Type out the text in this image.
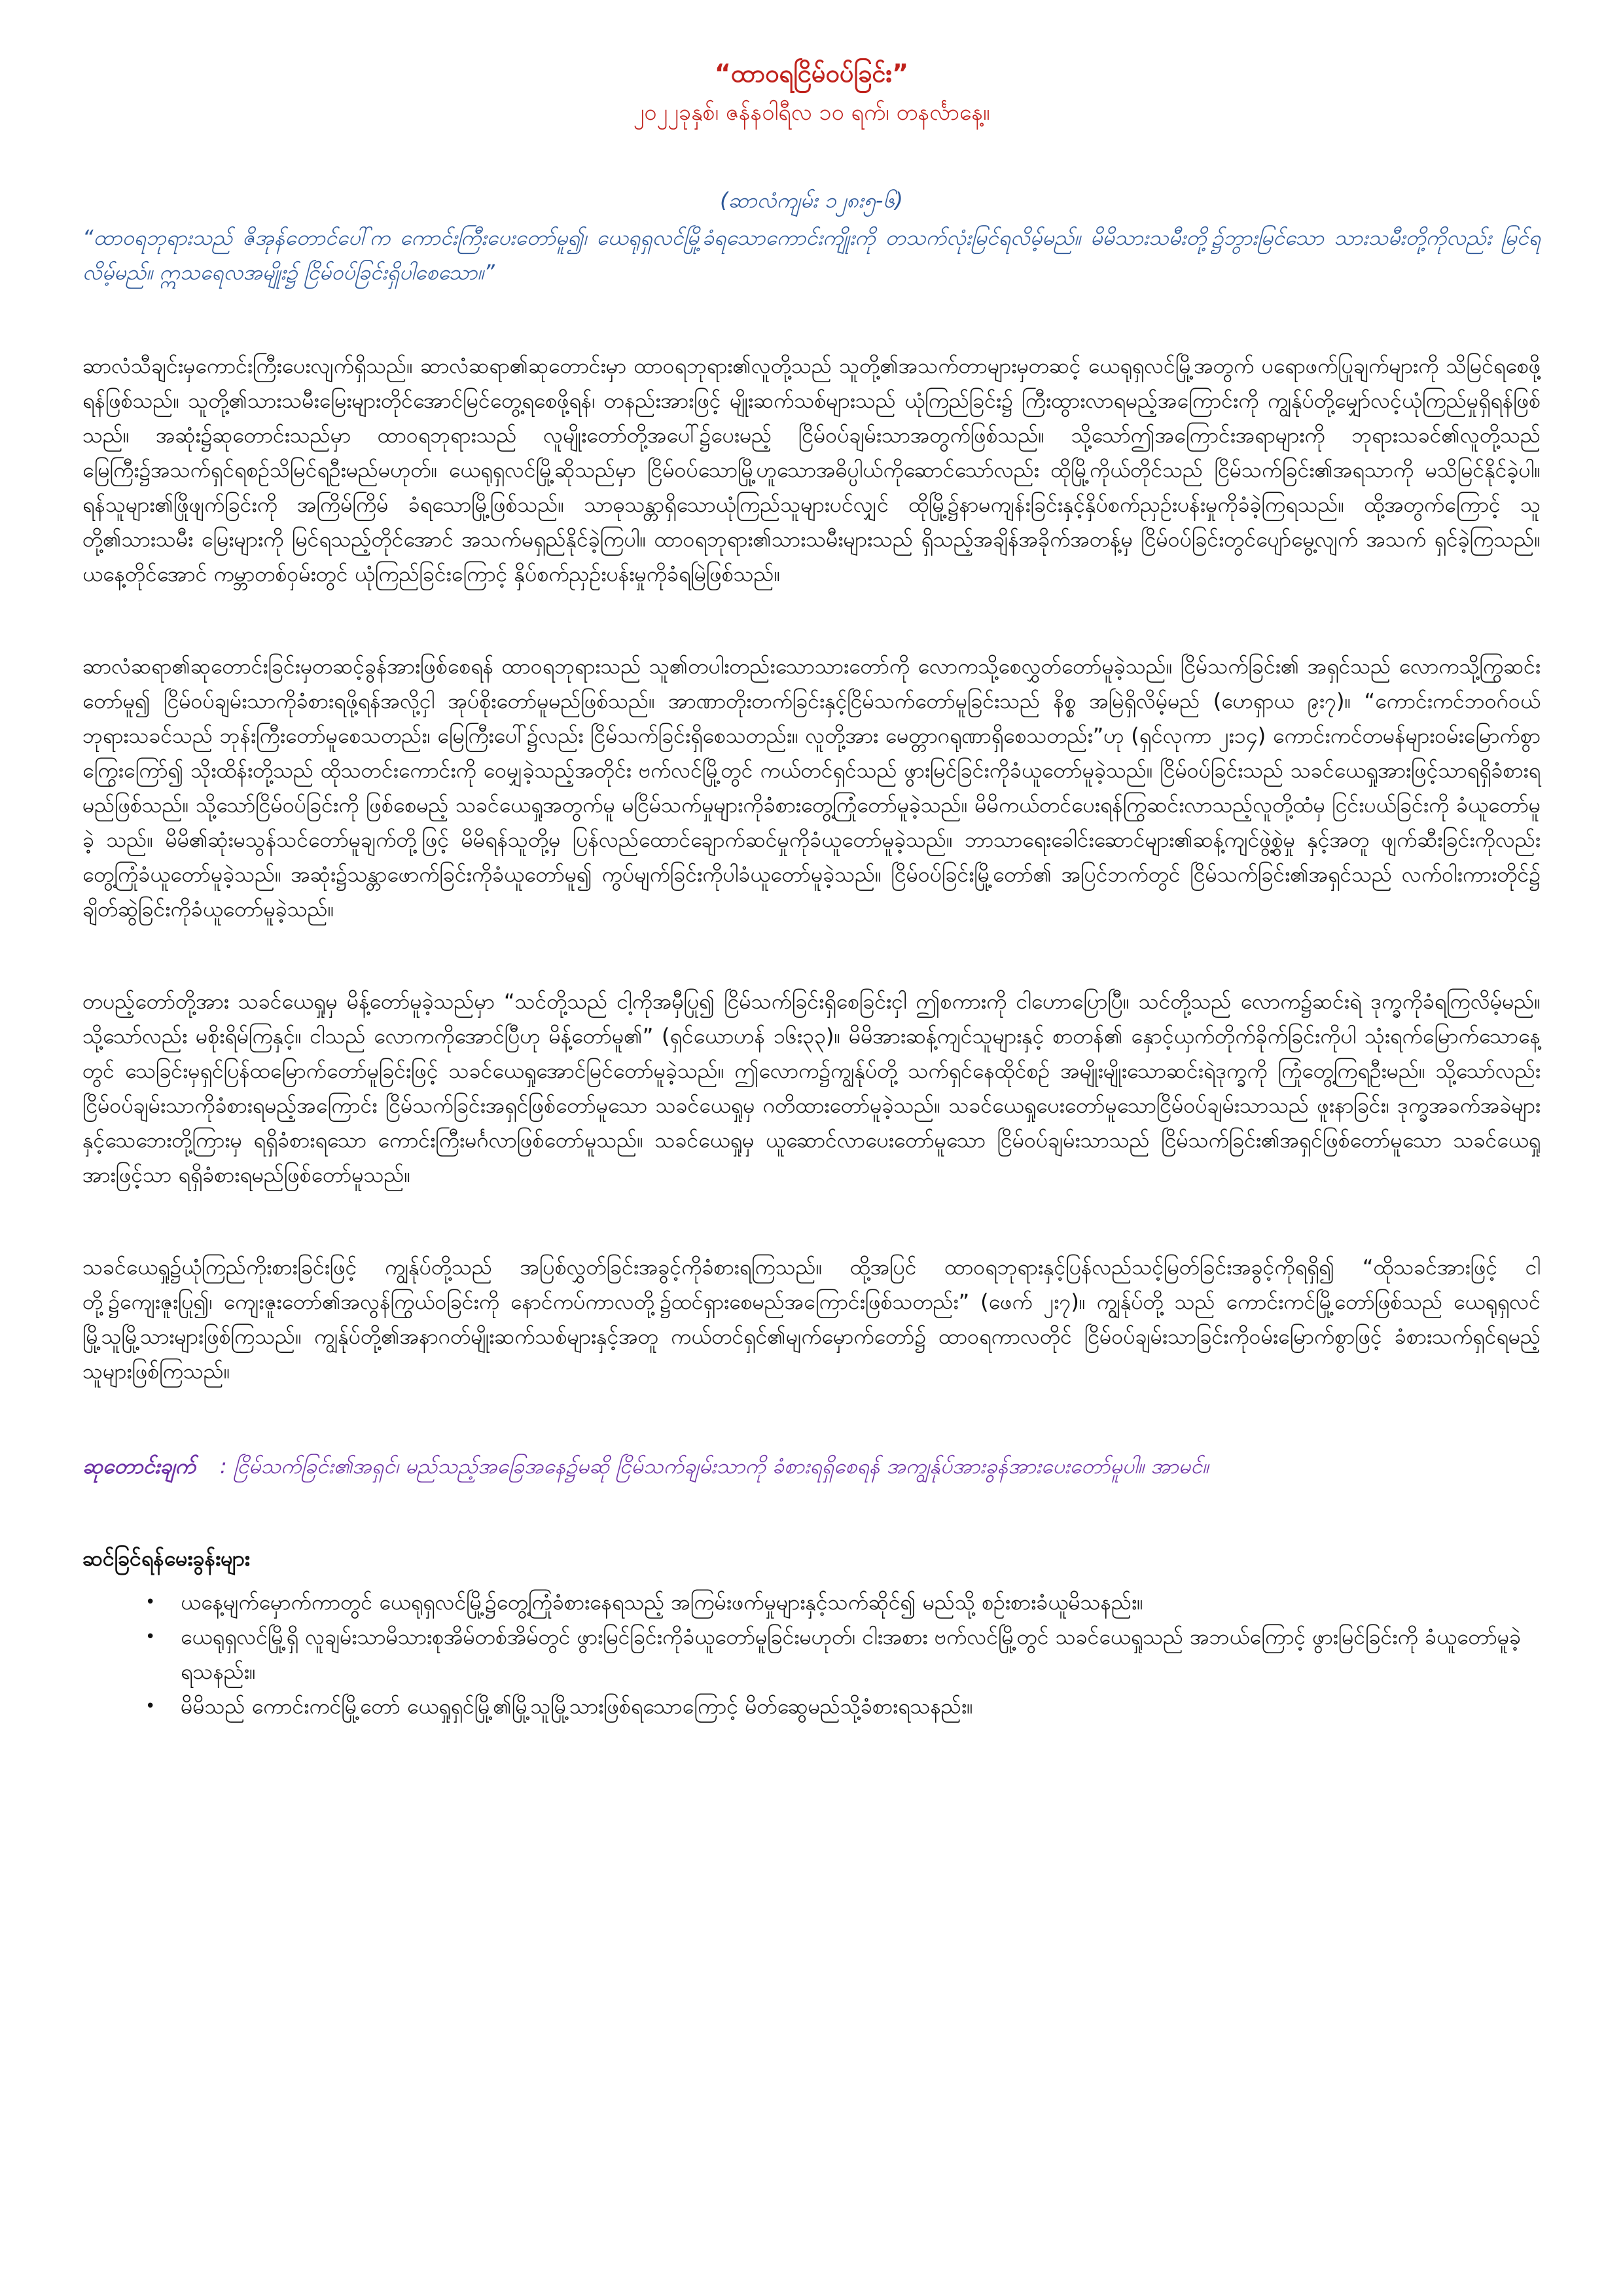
“ထာဝရငြိမ်ဝပ်ခြင်း”

၂၀၂၂ခုနှစ်၊ ဇန်နဝါရီလ ၁၀ ရက်၊ တနင်္လာနေ့။

(ဆာလံကျမ်း ၁၂၈း၅-၆)

“ထာဝရဘုရားသည် ဇိအုန်တောင်ပေါ်က ကောင်းကြီးပေးတော်မူ၍၊ ယေရုရှလင်မြို့ခံရသောကောင်းကျိုးကို တသက်လုံးမြင်ရလိမ့်မည်။ မိမိသားသမီးတို့၌ဘွားမြင်သော သားသမီးတို့ကိုလည်း မြင်ရလိမ့်မည်။ ဣသရေလအမျိုး၌ ငြိမ်ဝပ်ခြင်းရှိပါစေသော။”

ဆာလံသီချင်းမှကောင်းကြီးပေးလျက်ရှိသည်။ ဆာလံဆရာ၏ဆုတောင်းမှာ ထာဝရဘုရား၏လူတို့သည် သူတို့၏အသက်တာများမှတဆင့် ယေရုရှလင်မြို့အတွက် ပရောဖက်ပြုချက်များကို သိမြင်ရစေဖို့ရန်ဖြစ်သည်။ သူတို့၏သားသမီးမြေးများတိုင်အောင်မြင်တွေ့ရစေဖို့ရန်၊ တနည်းအားဖြင့် မျိုးဆက်သစ်များသည် ယုံကြည်ခြင်း၌ ကြီးထွားလာရမည့်အကြောင်းကို ကျွန်ုပ်တို့မျှော်လင့်ယုံကြည်မှုရှိရန်ဖြစ်သည်။ အဆုံး၌ဆုတောင်းသည်မှာ ထာဝရဘုရားသည် လူမျိုးတော်တို့အပေါ်၌ပေးမည့် ငြိမ်ဝပ်ချမ်းသာအတွက်ဖြစ်သည်။ သို့သော်ဤအကြောင်းအရာများကို ဘုရားသခင်၏လူတို့သည် မြေကြီး၌အသက်ရှင်ရစဉ်သိမြင်ရဦးမည်မဟုတ်။ ယေရုရှလင်မြို့ဆိုသည်မှာ ငြိမ်ဝပ်သောမြို့ဟူသောအဓိပ္ပါယ်ကိုဆောင်သော်လည်း ထိုမြို့ကိုယ်တိုင်သည် ငြိမ်သက်ခြင်း၏အရသာကို မသိမြင်နိုင်ခဲ့ပါ။ ရန်သူများ၏ဖြိုဖျက်ခြင်းကို အကြိမ်ကြိမ် ခံရသောမြို့ဖြစ်သည်။ သာဓုသန္တာရှိသောယုံကြည်သူများပင်လျှင် ထိုမြို့၌နာမကျန်းခြင်းနှင့်နှိပ်စက်ညှဉ်းပန်းမှုကိုခံခဲ့ကြရသည်။ ထို့အတွက်ကြောင့် သူတို့၏သားသမီး မြေးများကို မြင်ရသည့်တိုင်အောင် အသက်မရှည်နိုင်ခဲ့ကြပါ။ ထာဝရဘုရား၏သားသမီးများသည် ရှိသည့်အချိန်အခိုက်အတန့်မှ ငြိမ်ဝပ်ခြင်းတွင်ပျော်မွေ့လျက် အသက် ရှင်ခဲ့ကြသည်။ ယနေ့တိုင်အောင် ကမ္ဘာတစ်ဝှမ်းတွင် ယုံကြည်ခြင်းကြောင့် နှိပ်စက်ညှဉ်းပန်းမှုကိုခံရမြဲဖြစ်သည်။

ဆာလံဆရာ၏ဆုတောင်းခြင်းမှတဆင့်ခွန်အားဖြစ်စေရန် ထာဝရဘုရားသည် သူ၏တပါးတည်းသောသားတော်ကို လောကသို့စေလွှတ်တော်မူခဲ့သည်။ ငြိမ်သက်ခြင်း၏ အရှင်သည် လောကသို့ကြွဆင်းတော်မူ၍ ငြိမ်ဝပ်ချမ်းသာကိုခံစားရဖို့ရန်အလို့ငှါ အုပ်စိုးတော်မူမည်ဖြစ်သည်။ အာဏာတိုးတက်ခြင်းနှင့်ငြိမ်သက်တော်မူခြင်းသည် နိစ္စ အမြဲရှိလိမ့်မည် (ဟေရှာယ ၉း၇)။ “ကောင်းကင်ဘဝဂ်ဝယ်ဘုရားသခင်သည် ဘုန်းကြီးတော်မူစေသတည်း၊ မြေကြီးပေါ်၌လည်း ငြိမ်သက်ခြင်းရှိစေသတည်း။ လူတို့အား မေတ္တာဂရုဏာရှိစေသတည်း”ဟု (ရှင်လုကာ ၂း၁၄) ကောင်းကင်တမန်များဝမ်းမြောက်စွာကြွေးကြော်၍ သိုးထိန်းတို့သည် ထိုသတင်းကောင်းကို ဝေမျှခဲ့သည့်အတိုင်း ဗက်လင်မြို့တွင် ကယ်တင်ရှင်သည် ဖွားမြင်ခြင်းကိုခံယူတော်မူခဲ့သည်။ ငြိမ်ဝပ်ခြင်းသည် သခင်ယေရှုအားဖြင့်သာရရှိခံစားရမည်ဖြစ်သည်။ သို့သော်ငြိမ်ဝပ်ခြင်းကို ဖြစ်စေမည့် သခင်ယေရှုအတွက်မူ မငြိမ်သက်မှုများကိုခံစားတွေ့ကြုံတော်မူခဲ့သည်။ မိမိကယ်တင်ပေးရန်ကြွဆင်းလာသည့်လူတို့ထံမှ ငြင်းပယ်ခြင်းကို ခံယူတော်မူခဲ့ သည်။ မိမိ၏ဆုံးမသွန်သင်တော်မူချက်တို့ဖြင့် မိမိရန်သူတို့မှ ပြန်လည်ထောင်ချောက်ဆင်မှုကိုခံယူတော်မူခဲ့သည်။ ဘာသာရေးခေါင်းဆောင်များ၏ဆန့်ကျင်ဖွဲ့စွဲမှု နှင့်အတူ ဖျက်ဆီးခြင်းကိုလည်းတွေ့ကြုံခံယူတော်မူခဲ့သည်။ အဆုံး၌သန္တာဖောက်ခြင်းကိုခံယူတော်မူ၍ ကွပ်မျက်ခြင်းကိုပါခံယူတော်မူခဲ့သည်။ ငြိမ်ဝပ်ခြင်းမြို့တော်၏ အပြင်ဘက်တွင် ငြိမ်သက်ခြင်း၏အရှင်သည် လက်ဝါးကားတိုင်၌ ချိတ်ဆွဲခြင်းကိုခံယူတော်မူခဲ့သည်။

တပည့်တော်တို့အား သခင်ယေရှုမှ မိန့်တော်မူခဲ့သည်မှာ “သင်တို့သည် ငါ့ကိုအမှီပြု၍ ငြိမ်သက်ခြင်းရှိစေခြင်းငှါ ဤစကားကို ငါဟောပြောပြီ။ သင်တို့သည် လောက၌ဆင်းရဲ ဒုက္ခကိုခံရကြလိမ့်မည်။ သို့သော်လည်း မစိုးရိမ်ကြနှင့်။ ငါသည် လောကကိုအောင်ပြီဟု မိန့်တော်မူ၏” (ရှင်ယောဟန် ၁၆း၃၃)။ မိမိအားဆန့်ကျင်သူများနှင့် စာတန်၏ နှောင့်ယှက်တိုက်ခိုက်ခြင်းကိုပါ သုံးရက်မြောက်သောနေ့တွင် သေခြင်းမှရှင်ပြန်ထမြောက်တော်မူခြင်းဖြင့် သခင်ယေရှုအောင်မြင်တော်မူခဲ့သည်။ ဤလောက၌ကျွန်ုပ်တို့ သက်ရှင်နေထိုင်စဉ် အမျိုးမျိုးသောဆင်းရဲဒုက္ခကို ကြုံတွေ့ကြရဦးမည်။ သို့သော်လည်း ငြိမ်ဝပ်ချမ်းသာကိုခံစားရမည့်အကြောင်း ငြိမ်သက်ခြင်းအရှင်ဖြစ်တော်မူသော သခင်ယေရှုမှ ဂတိထားတော်မူခဲ့သည်။ သခင်ယေရှုပေးတော်မူသောငြိမ်ဝပ်ချမ်းသာသည် ဖူးနာခြင်း၊ ဒုက္ခအခက်အခဲများနှင့်သေဘေးတို့ကြားမှ ရရှိခံစားရသော ကောင်းကြီးမင်္ဂလာဖြစ်တော်မူသည်။ သခင်ယေရှုမှ ယူဆောင်လာပေးတော်မူသော ငြိမ်ဝပ်ချမ်းသာသည် ငြိမ်သက်ခြင်း၏အရှင်ဖြစ်တော်မူသော သခင်ယေရှုအားဖြင့်သာ ရရှိခံစားရမည်ဖြစ်တော်မူသည်။

သခင်ယေရှု၌ယုံကြည်ကိုးစားခြင်းဖြင့် ကျွန်ုပ်တို့သည် အပြစ်လွှတ်ခြင်းအခွင့်ကိုခံစားရကြသည်။ ထို့အပြင် ထာဝရဘုရားနှင့်ပြန်လည်သင့်မြတ်ခြင်းအခွင့်ကိုရရှိ၍ “ထိုသခင်အားဖြင့် ငါတို့၌ကျေးဇူးပြု၍၊ ကျေးဇူးတော်၏အလွန်ကြွယ်ဝခြင်းကို နောင်ကပ်ကာလတို့၌ထင်ရှားစေမည်အကြောင်းဖြစ်သတည်း” (ဖေက် ၂း၇)။ ကျွန်ုပ်တို့ သည် ကောင်းကင်မြို့တော်ဖြစ်သည် ယေရုရှလင်မြို့သူမြို့သားများဖြစ်ကြသည်။ ကျွန်ုပ်တို့၏အနာဂတ်မျိုးဆက်သစ်များနှင့်အတူ ကယ်တင်ရှင်၏မျက်မှောက်တော်၌ ထာဝရကာလတိုင် ငြိမ်ဝပ်ချမ်းသာခြင်းကိုဝမ်းမြောက်စွာဖြင့် ခံစားသက်ရှင်ရမည့်သူများဖြစ်ကြသည်။

ဆုတောင်းချက်	: ငြိမ်သက်ခြင်း၏အရှင်၊ မည်သည့်အခြေအနေ၌မဆို ငြိမ်သက်ချမ်းသာကို ခံစားရရှိစေရန် အကျွန်ုပ်အားခွန်အားပေးတော်မူပါ။ အာမင်။
ဆင်ခြင်ရန်မေးခွန်းများ
• ယနေ့မျက်မှောက်ကာတွင် ယေရုရှလင်မြို့၌တွေ့ကြုံခံစားနေရသည့် အကြမ်းဖက်မှုများနှင့်သက်ဆိုင်၍ မည်သို့ စဉ်းစားခံယူမိသနည်း။
• ယေရုရှလင်မြို့ရှိ လူချမ်းသာမိသားစုအိမ်တစ်အိမ်တွင် ဖွားမြင်ခြင်းကိုခံယူတော်မူခြင်းမဟုတ်၊ ငါးအစား ဗက်လင်မြို့တွင် သခင်ယေရှုသည် အဘယ်ကြောင့် ဖွားမြင်ခြင်းကို ခံယူတော်မူခဲ့ရသနည်း။
• မိမိသည် ကောင်းကင်မြို့တော် ယေရှုရှင်မြို့၏မြို့သူမြို့သားဖြစ်ရသောကြောင့် မိတ်ဆွေမည်သို့ခံစားရသနည်း။
